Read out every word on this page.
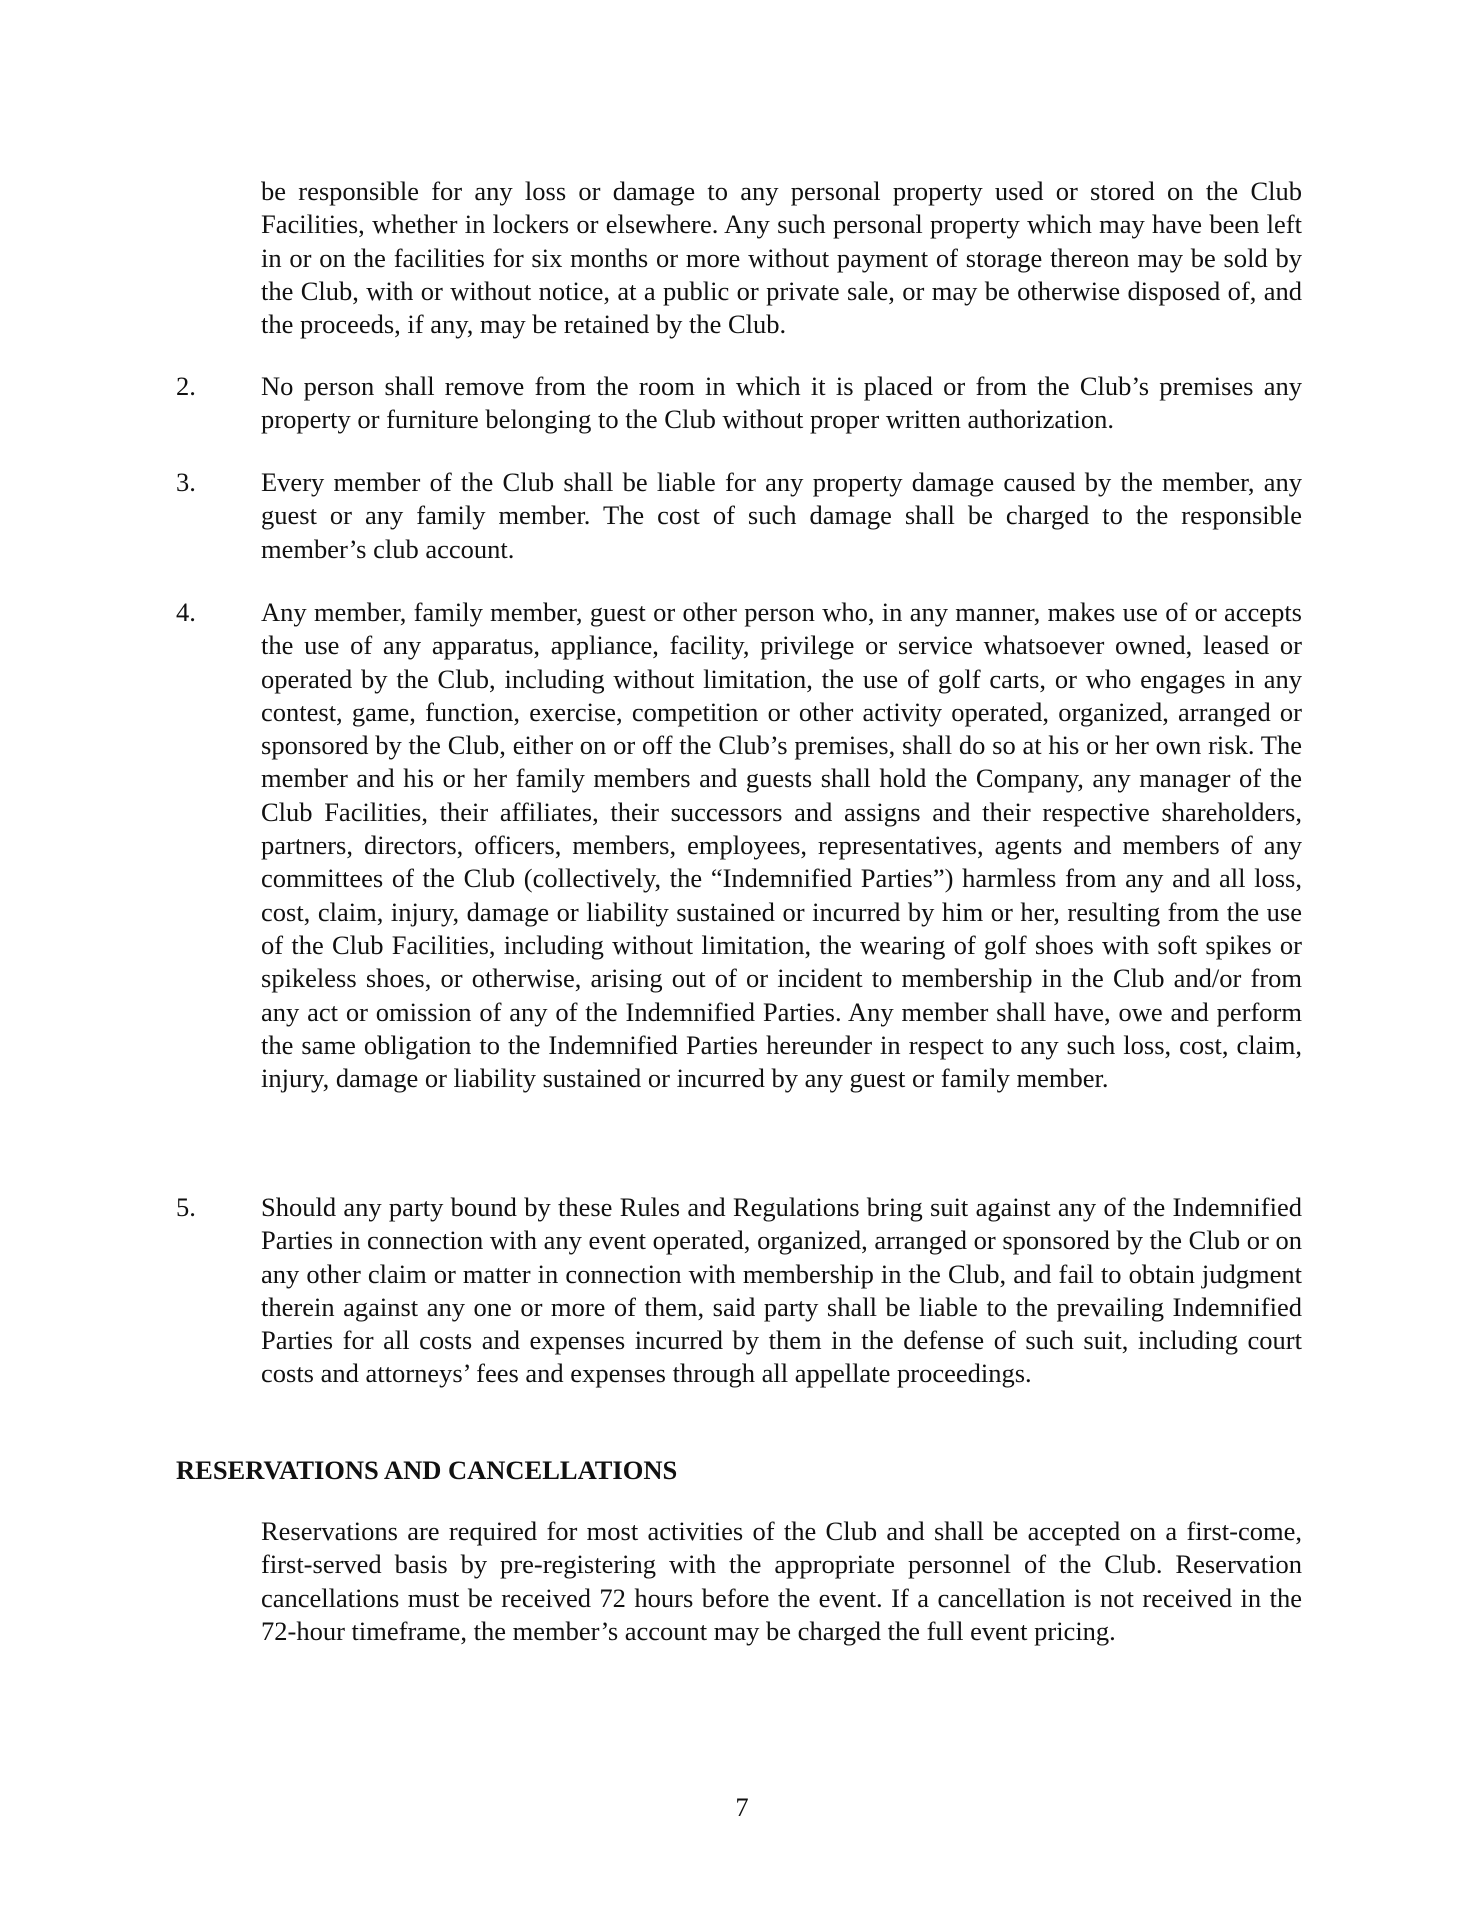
be responsible for any loss or damage to any personal property used or stored on the Club Facilities, whether in lockers or elsewhere. Any such personal property which may have been left in or on the facilities for six months or more without payment of storage thereon may be sold by the Club, with or without notice, at a public or private sale, or may be otherwise disposed of, and the proceeds, if any, may be retained by the Club.

2. No person shall remove from the room in which it is placed or from the Club’s premises any property or furniture belonging to the Club without proper written authorization.

3. Every member of the Club shall be liable for any property damage caused by the member, any guest or any family member. The cost of such damage shall be charged to the responsible member’s club account.

4. Any member, family member, guest or other person who, in any manner, makes use of or accepts the use of any apparatus, appliance, facility, privilege or service whatsoever owned, leased or operated by the Club, including without limitation, the use of golf carts, or who engages in any contest, game, function, exercise, competition or other activity operated, organized, arranged or sponsored by the Club, either on or off the Club’s premises, shall do so at his or her own risk. The member and his or her family members and guests shall hold the Company, any manager of the Club Facilities, their affiliates, their successors and assigns and their respective shareholders, partners, directors, officers, members, employees, representatives, agents and members of any committees of the Club (collectively, the “Indemnified Parties”) harmless from any and all loss, cost, claim, injury, damage or liability sustained or incurred by him or her, resulting from the use of the Club Facilities, including without limitation, the wearing of golf shoes with soft spikes or spikeless shoes, or otherwise, arising out of or incident to membership in the Club and/or from any act or omission of any of the Indemnified Parties. Any member shall have, owe and perform the same obligation to the Indemnified Parties hereunder in respect to any such loss, cost, claim, injury, damage or liability sustained or incurred by any guest or family member.

5. Should any party bound by these Rules and Regulations bring suit against any of the Indemnified Parties in connection with any event operated, organized, arranged or sponsored by the Club or on any other claim or matter in connection with membership in the Club, and fail to obtain judgment therein against any one or more of them, said party shall be liable to the prevailing Indemnified Parties for all costs and expenses incurred by them in the defense of such suit, including court costs and attorneys’ fees and expenses through all appellate proceedings.

RESERVATIONS AND CANCELLATIONS

Reservations are required for most activities of the Club and shall be accepted on a first-come, first-served basis by pre-registering with the appropriate personnel of the Club. Reservation cancellations must be received 72 hours before the event. If a cancellation is not received in the 72-hour timeframe, the member’s account may be charged the full event pricing.

7
